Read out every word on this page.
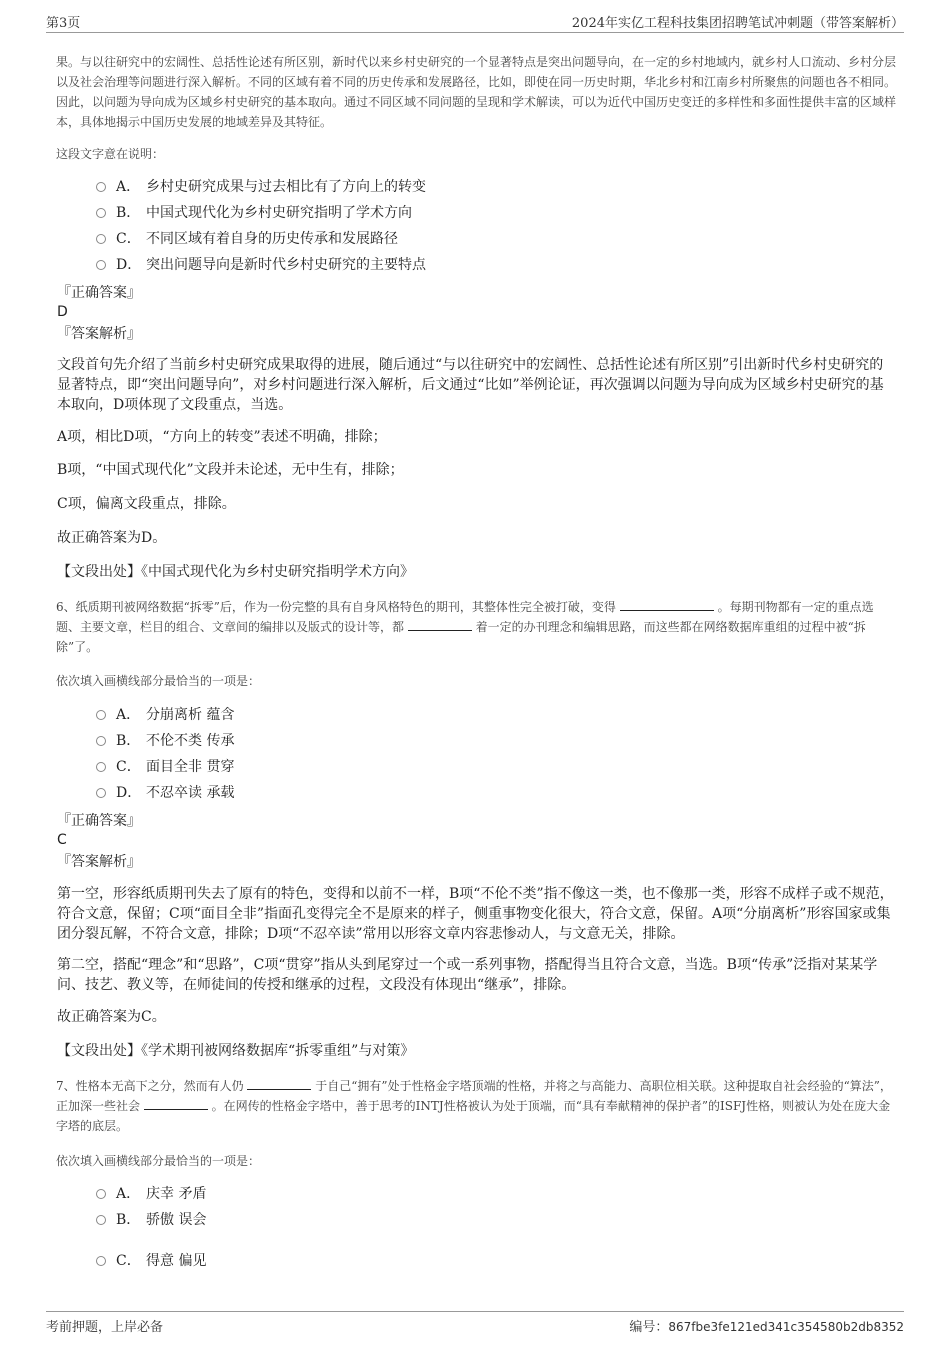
第3页	2024年实亿工程科技集团招聘笔试冲刺题（带答案解析）
果。与以往研究中的宏阔性、总括性论述有所区别，新时代以来乡村史研究的一个显著特点是突出问题导向，在一定的乡村地域内，就乡村人口流动、乡村分层以及社会治理等问题进行深入解析。不同的区域有着不同的历史传承和发展路径，比如，即使在同一历史时期，华北乡村和江南乡村所聚焦的问题也各不相同。因此，以问题为导向成为区域乡村史研究的基本取向。通过不同区域不同问题的呈现和学术解读，可以为近代中国历史变迁的多样性和多面性提供丰富的区域样本，具体地揭示中国历史发展的地域差异及其特征。
这段文字意在说明：
A． 乡村史研究成果与过去相比有了方向上的转变
B． 中国式现代化为乡村史研究指明了学术方向
C． 不同区域有着自身的历史传承和发展路径
D． 突出问题导向是新时代乡村史研究的主要特点
『正确答案』
D
『答案解析』
文段首句先介绍了当前乡村史研究成果取得的进展，随后通过“与以往研究中的宏阔性、总括性论述有所区别”引出新时代乡村史研究的显著特点，即“突出问题导向”，对乡村问题进行深入解析，后文通过“比如”举例论证，再次强调以问题为导向成为区域乡村史研究的基本取向，D项体现了文段重点，当选。
A项，相比D项，“方向上的转变”表述不明确，排除；
B项，“中国式现代化”文段并未论述，无中生有，排除；
C项，偏离文段重点，排除。
故正确答案为D。
【文段出处】《中国式现代化为乡村史研究指明学术方向》
6、纸质期刊被网络数据“拆零”后，作为一份完整的具有自身风格特色的期刊，其整体性完全被打破，变得	。每期刊物都有一定的重点选题、主要文章，栏目的组合、文章间的编排以及版式的设计等，都	着一定的办刊理念和编辑思路，而这些都在网络数据库重组的过程中被“拆除”了。
依次填入画横线部分最恰当的一项是：
A． 分崩离析 蕴含
B． 不伦不类 传承
C． 面目全非 贯穿
D． 不忍卒读 承载
『正确答案』
C
『答案解析』
第一空，形容纸质期刊失去了原有的特色，变得和以前不一样，B项“不伦不类”指不像这一类，也不像那一类，形容不成样子或不规范，符合文意，保留；C项“面目全非”指面孔变得完全不是原来的样子，侧重事物变化很大，符合文意，保留。A项“分崩离析”形容国家或集团分裂瓦解，不符合文意，排除；D项“不忍卒读”常用以形容文章内容悲惨动人，与文意无关，排除。
第二空，搭配“理念”和“思路”，C项“贯穿”指从头到尾穿过一个或一系列事物，搭配得当且符合文意，当选。B项“传承”泛指对某某学问、技艺、教义等，在师徒间的传授和继承的过程，文段没有体现出“继承”，排除。
故正确答案为C。
【文段出处】《学术期刊被网络数据库“拆零重组”与对策》
7、性格本无高下之分，然而有人仍	于自己“拥有”处于性格金字塔顶端的性格，并将之与高能力、高职位相关联。这种提取自社会经验的“算法”，正加深一些社会	。在网传的性格金字塔中，善于思考的INTJ性格被认为处于顶端，而“具有奉献精神的保护者”的ISFJ性格，则被认为处在庞大金字塔的底层。
依次填入画横线部分最恰当的一项是：
A． 庆幸 矛盾
B． 骄傲 误会
C． 得意 偏见
考前押题，上岸必备	编号：867fbe3fe121ed341c354580b2db8352
